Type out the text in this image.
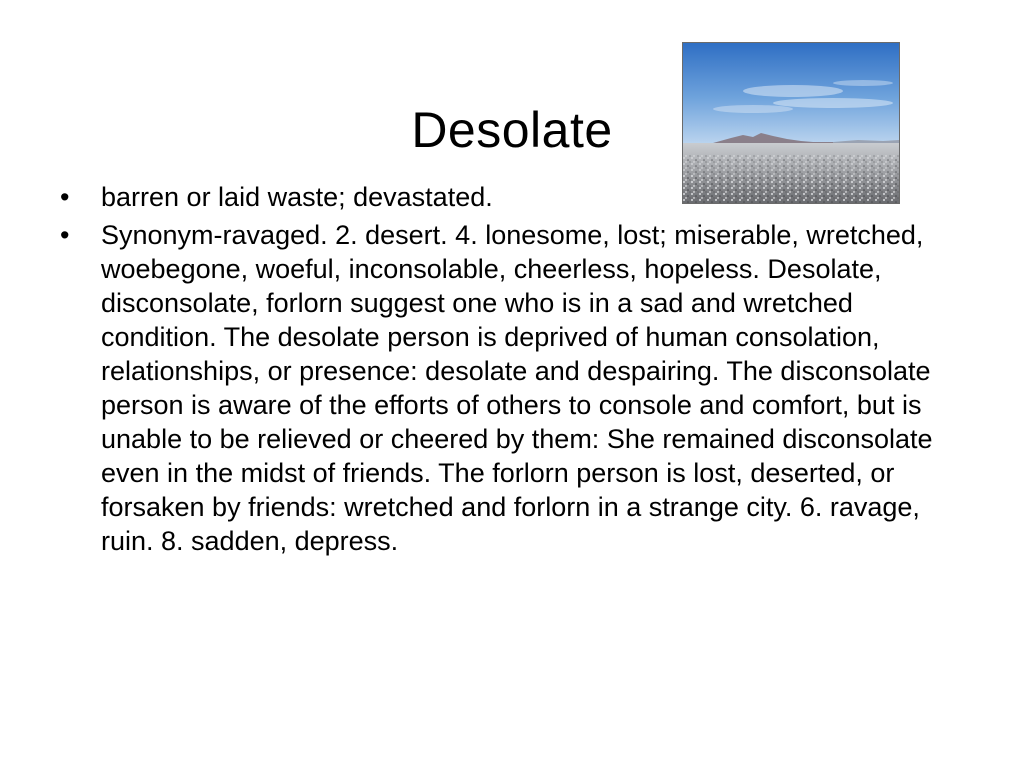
Desolate
• barren or laid waste; devastated.
• Synonym-ravaged. 2. desert. 4. lonesome, lost; miserable, wretched, woebegone, woeful, inconsolable, cheerless, hopeless. Desolate, disconsolate, forlorn suggest one who is in a sad and wretched condition. The desolate person is deprived of human consolation, relationships, or presence: desolate and despairing. The disconsolate person is aware of the efforts of others to console and comfort, but is unable to be relieved or cheered by them: She remained disconsolate even in the midst of friends. The forlorn person is lost, deserted, or forsaken by friends: wretched and forlorn in a strange city. 6. ravage, ruin. 8. sadden, depress.
